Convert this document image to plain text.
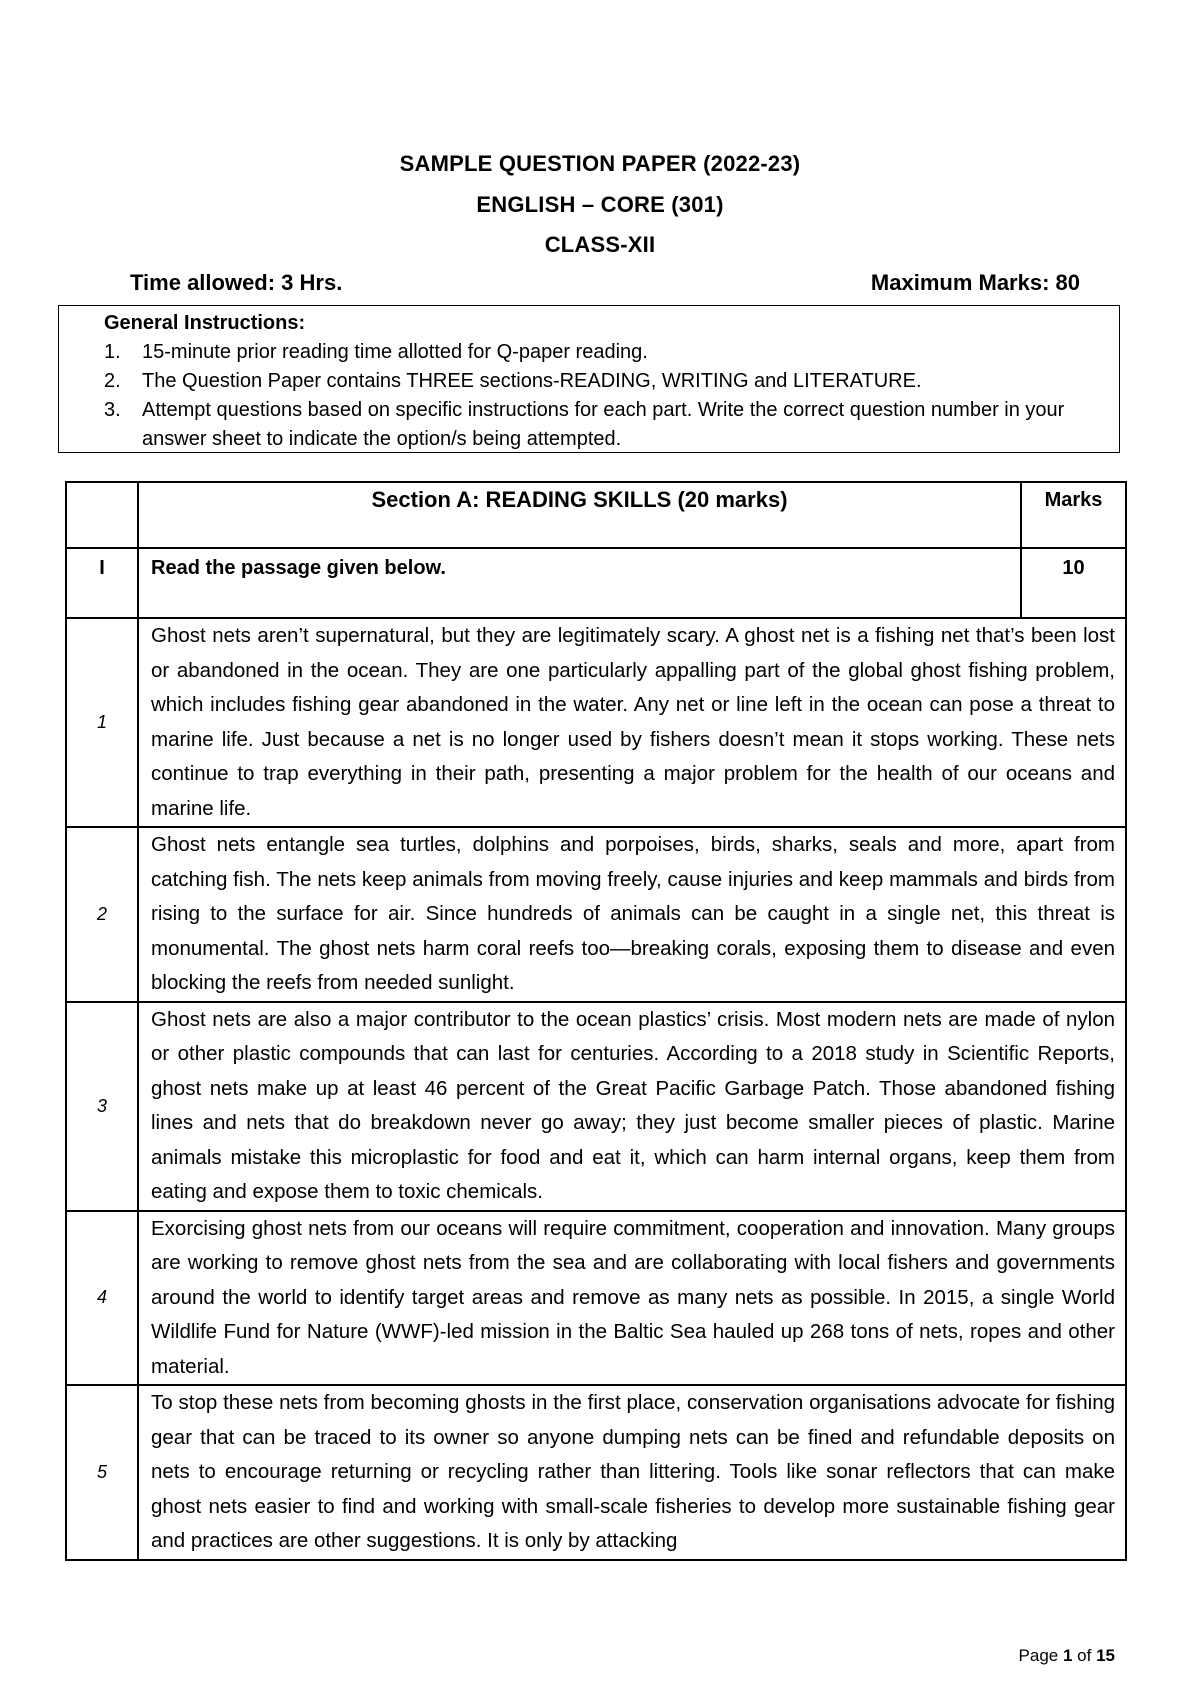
SAMPLE QUESTION PAPER (2022-23)
ENGLISH – CORE (301)
CLASS-XII
Time allowed: 3 Hrs.	Maximum Marks: 80
General Instructions:
1. 15-minute prior reading time allotted for Q-paper reading.
2. The Question Paper contains THREE sections-READING, WRITING and LITERATURE.
3. Attempt questions based on specific instructions for each part. Write the correct question number in your answer sheet to indicate the option/s being attempted.
	Section A: READING SKILLS (20 marks)	Marks
I	Read the passage given below.	10
1	Ghost nets aren’t supernatural, but they are legitimately scary. A ghost net is a fishing net that’s been lost or abandoned in the ocean. They are one particularly appalling part of the global ghost fishing problem, which includes fishing gear abandoned in the water. Any net or line left in the ocean can pose a threat to marine life. Just because a net is no longer used by fishers doesn’t mean it stops working. These nets continue to trap everything in their path, presenting a major problem for the health of our oceans and marine life.	
2	Ghost nets entangle sea turtles, dolphins and porpoises, birds, sharks, seals and more, apart from catching fish. The nets keep animals from moving freely, cause injuries and keep mammals and birds from rising to the surface for air. Since hundreds of animals can be caught in a single net, this threat is monumental. The ghost nets harm coral reefs too—breaking corals, exposing them to disease and even blocking the reefs from needed sunlight.	
3	Ghost nets are also a major contributor to the ocean plastics’ crisis. Most modern nets are made of nylon or other plastic compounds that can last for centuries. According to a 2018 study in Scientific Reports, ghost nets make up at least 46 percent of the Great Pacific Garbage Patch. Those abandoned fishing lines and nets that do breakdown never go away; they just become smaller pieces of plastic. Marine animals mistake this microplastic for food and eat it, which can harm internal organs, keep them from eating and expose them to toxic chemicals.	
4	Exorcising ghost nets from our oceans will require commitment, cooperation and innovation. Many groups are working to remove ghost nets from the sea and are collaborating with local fishers and governments around the world to identify target areas and remove as many nets as possible. In 2015, a single World Wildlife Fund for Nature (WWF)-led mission in the Baltic Sea hauled up 268 tons of nets, ropes and other material.	
5	To stop these nets from becoming ghosts in the first place, conservation organisations advocate for fishing gear that can be traced to its owner so anyone dumping nets can be fined and refundable deposits on nets to encourage returning or recycling rather than littering. Tools like sonar reflectors that can make ghost nets easier to find and working with small-scale fisheries to develop more sustainable fishing gear and practices are other suggestions. It is only by attacking	
Page 1 of 15
